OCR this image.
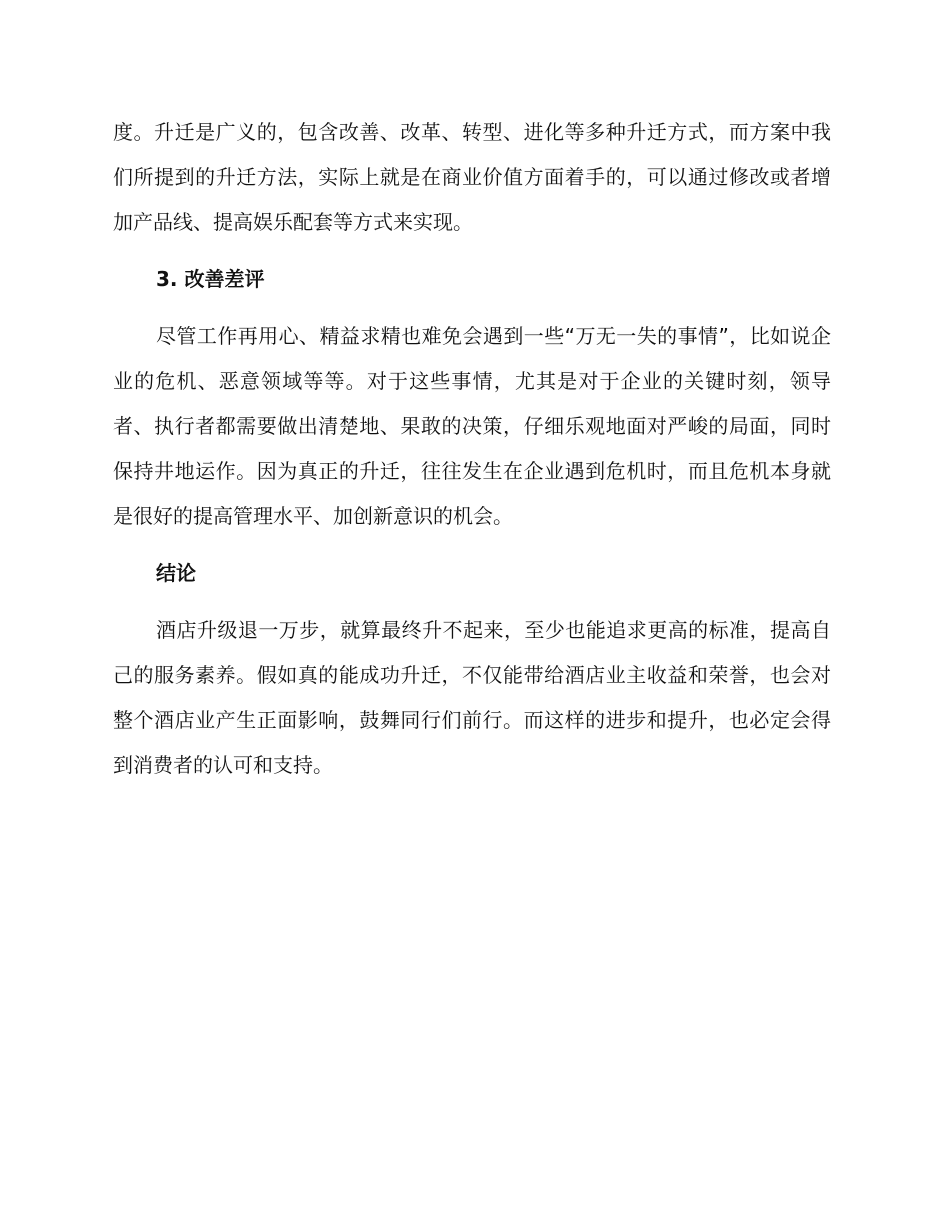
度。升迁是广义的，包含改善、改革、转型、进化等多种升迁方式，而方案中我们所提到的升迁方法，实际上就是在商业价值方面着手的，可以通过修改或者增加产品线、提高娱乐配套等方式来实现。

3. 改善差评

尽管工作再用心、精益求精也难免会遇到一些“万无一失的事情”，比如说企业的危机、恶意领域等等。对于这些事情，尤其是对于企业的关键时刻，领导者、执行者都需要做出清楚地、果敢的决策，仔细乐观地面对严峻的局面，同时保持井地运作。因为真正的升迁，往往发生在企业遇到危机时，而且危机本身就是很好的提高管理水平、加创新意识的机会。

结论

酒店升级退一万步，就算最终升不起来，至少也能追求更高的标准，提高自己的服务素养。假如真的能成功升迁，不仅能带给酒店业主收益和荣誉，也会对整个酒店业产生正面影响，鼓舞同行们前行。而这样的进步和提升，也必定会得到消费者的认可和支持。
